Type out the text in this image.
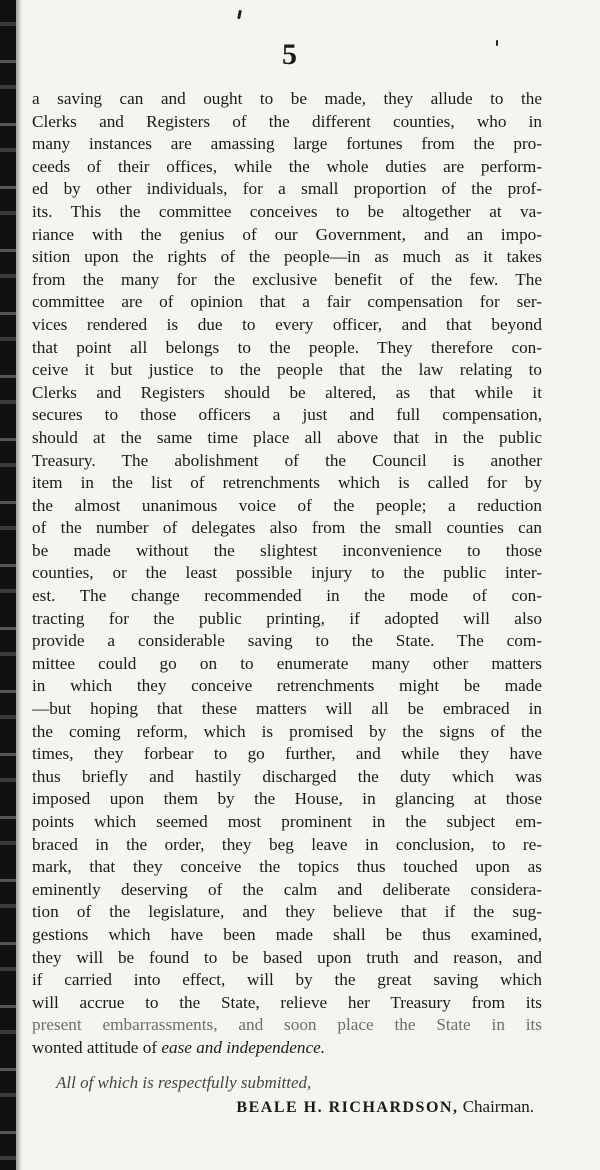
5
a saving can and ought to be made, they allude to the
Clerks and Registers of the different counties, who in
many instances are amassing large fortunes from the pro-
ceeds of their offices, while the whole duties are perform-
ed by other individuals, for a small proportion of the prof-
its. This the committee conceives to be altogether at va-
riance with the genius of our Government, and an impo-
sition upon the rights of the people—in as much as it takes
from the many for the exclusive benefit of the few. The
committee are of opinion that a fair compensation for ser-
vices rendered is due to every officer, and that beyond
that point all belongs to the people. They therefore con-
ceive it but justice to the people that the law relating to
Clerks and Registers should be altered, as that while it
secures to those officers a just and full compensation,
should at the same time place all above that in the public
Treasury. The abolishment of the Council is another
item in the list of retrenchments which is called for by
the almost unanimous voice of the people; a reduction
of the number of delegates also from the small counties can
be made without the slightest inconvenience to those
counties, or the least possible injury to the public inter-
est. The change recommended in the mode of con-
tracting for the public printing, if adopted will also
provide a considerable saving to the State. The com-
mittee could go on to enumerate many other matters
in which they conceive retrenchments might be made
—but hoping that these matters will all be embraced in
the coming reform, which is promised by the signs of the
times, they forbear to go further, and while they have
thus briefly and hastily discharged the duty which was
imposed upon them by the House, in glancing at those
points which seemed most prominent in the subject em-
braced in the order, they beg leave in conclusion, to re-
mark, that they conceive the topics thus touched upon as
eminently deserving of the calm and deliberate considera-
tion of the legislature, and they believe that if the sug-
gestions which have been made shall be thus examined,
they will be found to be based upon truth and reason, and
if carried into effect, will by the great saving which
will accrue to the State, relieve her Treasury from its
present embarrassments, and soon place the State in its
wonted attitude of ease and independence.
All of which is respectfully submitted,
BEALE H. RICHARDSON, Chairman.
